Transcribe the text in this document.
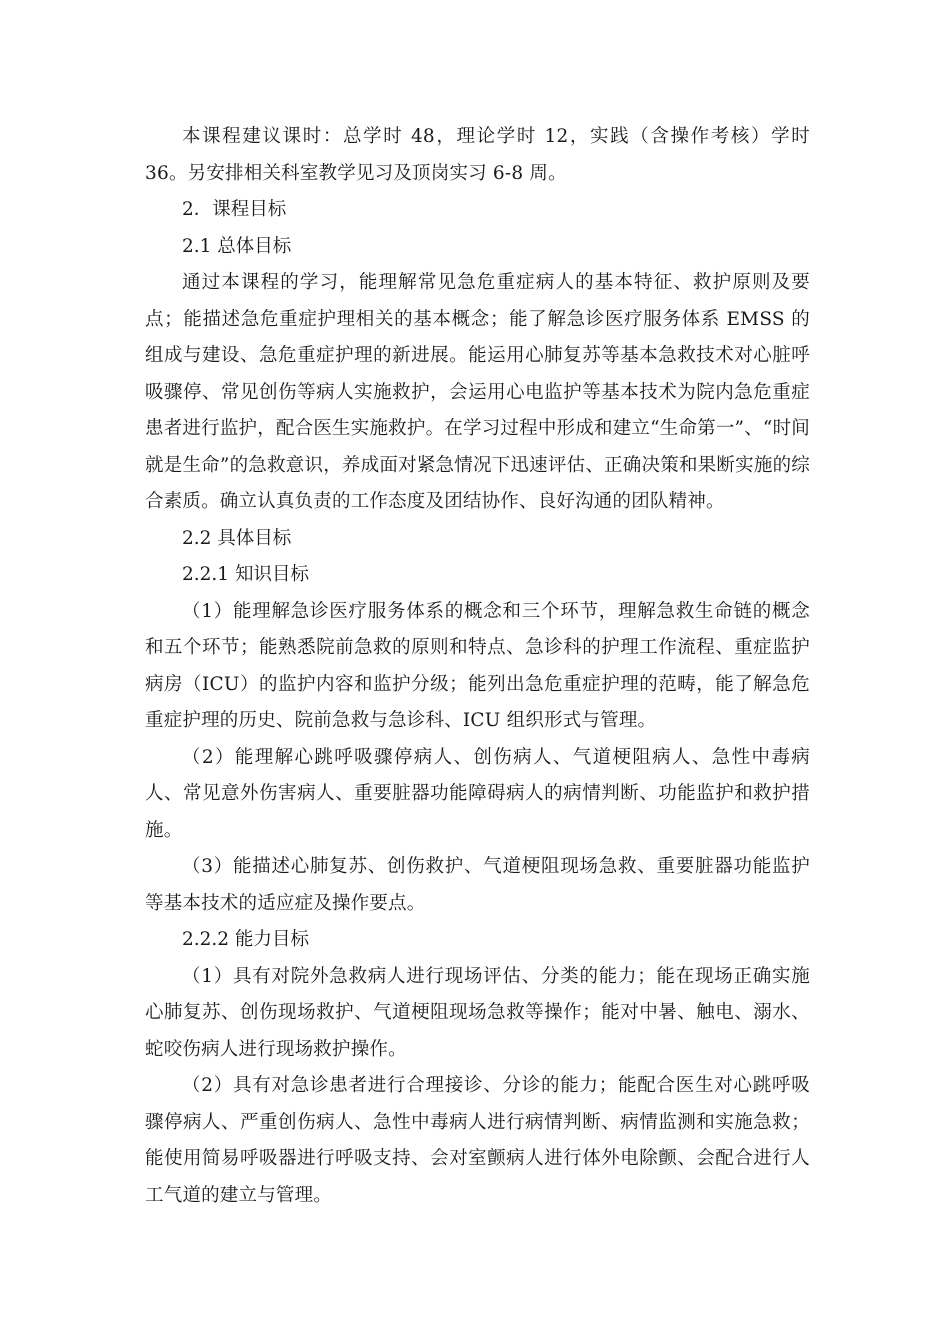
本课程建议课时：总学时 48，理论学时 12，实践（含操作考核）学时 36。另安排相关科室教学见习及顶岗实习 6-8 周。

2．课程目标

2.1 总体目标

通过本课程的学习，能理解常见急危重症病人的基本特征、救护原则及要点；能描述急危重症护理相关的基本概念；能了解急诊医疗服务体系 EMSS 的组成与建设、急危重症护理的新进展。能运用心肺复苏等基本急救技术对心脏呼吸骤停、常见创伤等病人实施救护，会运用心电监护等基本技术为院内急危重症患者进行监护，配合医生实施救护。在学习过程中形成和建立“生命第一”、“时间就是生命”的急救意识，养成面对紧急情况下迅速评估、正确决策和果断实施的综合素质。确立认真负责的工作态度及团结协作、良好沟通的团队精神。

2.2 具体目标

2.2.1 知识目标

（1）能理解急诊医疗服务体系的概念和三个环节，理解急救生命链的概念和五个环节；能熟悉院前急救的原则和特点、急诊科的护理工作流程、重症监护病房（ICU）的监护内容和监护分级；能列出急危重症护理的范畴，能了解急危重症护理的历史、院前急救与急诊科、ICU 组织形式与管理。

（2）能理解心跳呼吸骤停病人、创伤病人、气道梗阻病人、急性中毒病人、常见意外伤害病人、重要脏器功能障碍病人的病情判断、功能监护和救护措施。

（3）能描述心肺复苏、创伤救护、气道梗阻现场急救、重要脏器功能监护等基本技术的适应症及操作要点。

2.2.2 能力目标

（1）具有对院外急救病人进行现场评估、分类的能力；能在现场正确实施心肺复苏、创伤现场救护、气道梗阻现场急救等操作；能对中暑、触电、溺水、蛇咬伤病人进行现场救护操作。

（2）具有对急诊患者进行合理接诊、分诊的能力；能配合医生对心跳呼吸骤停病人、严重创伤病人、急性中毒病人进行病情判断、病情监测和实施急救；能使用简易呼吸器进行呼吸支持、会对室颤病人进行体外电除颤、会配合进行人工气道的建立与管理。
